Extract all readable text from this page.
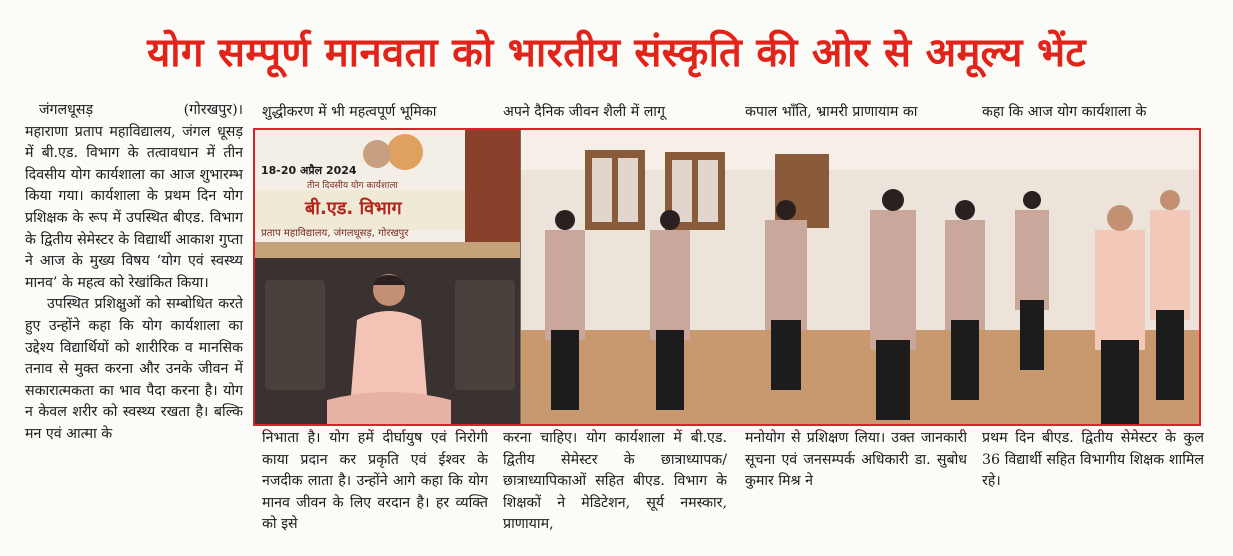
योग सम्पूर्ण मानवता को भारतीय संस्कृति की ओर से अमूल्य भेंट
जंगलधूसड़	(गोरखपुर)।

महाराणा प्रताप महाविद्यालय, जंगल धूसड़ में बी.एड. विभाग के तत्वावधान में तीन दिवसीय योग कार्यशाला का आज शुभारम्भ किया गया। कार्यशाला के प्रथम दिन योग प्रशिक्षक के रूप में उपस्थित बीएड. विभाग के द्वितीय सेमेस्टर के विद्यार्थी आकाश गुप्ता ने आज के मुख्य विषय ‘योग एवं स्वस्थ्य मानव’ के महत्व को रेखांकित किया।

उपस्थित प्रशिक्षुओं को सम्बोधित करते हुए उन्होंने कहा कि योग कार्यशाला का उद्देश्य विद्यार्थियों को शारीरिक व मानसिक तनाव से मुक्त करना और उनके जीवन में सकारात्मकता का भाव पैदा करना है। योग न केवल शरीर को स्वस्थ्य रखता है। बल्कि मन एवं आत्मा के

शुद्धीकरण में भी महत्वपूर्ण भूमिका	अपने दैनिक जीवन शैली में लागू	कपाल भाँति, भ्रामरी प्राणायाम का	कहा कि आज योग कार्यशाला के
तीन दिवसीय योग कार्यशाला
18-20 अप्रैल 2024
बी.एड. विभाग
प्रताप महाविद्यालय, जंगलधूसड़, गोरखपुर
निभाता है। योग हमें दीर्घायुष एवं निरोगी काया प्रदान कर प्रकृति एवं ईश्वर के नजदीक लाता है। उन्होंने आगे कहा कि योग मानव जीवन के लिए वरदान है। हर व्यक्ति को इसे
करना चाहिए। योग कार्यशाला में बी.एड. द्वितीय सेमेस्टर के छात्राध्यापक/ छात्राध्यापिकाओं सहित बीएड. विभाग के शिक्षकों ने मेडिटेशन, सूर्य नमस्कार, प्राणायाम,
मनोयोग से प्रशिक्षण लिया। उक्त जानकारी सूचना एवं जनसम्पर्क अधिकारी डा. सुबोध कुमार मिश्र ने
प्रथम दिन बीएड. द्वितीय सेमेस्टर के कुल 36 विद्यार्थी सहित विभागीय शिक्षक शामिल रहे।
